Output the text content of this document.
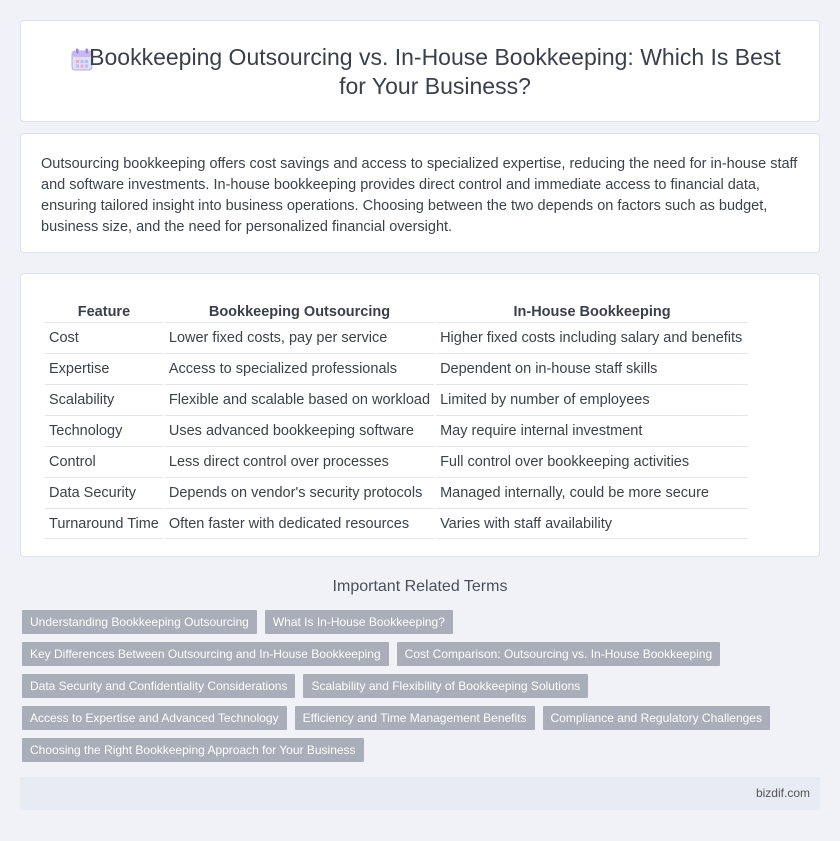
Bookkeeping Outsourcing vs. In-House Bookkeeping: Which Is Best for Your Business?

Outsourcing bookkeeping offers cost savings and access to specialized expertise, reducing the need for in-house staff and software investments. In-house bookkeeping provides direct control and immediate access to financial data, ensuring tailored insight into business operations. Choosing between the two depends on factors such as budget, business size, and the need for personalized financial oversight.

Feature	Bookkeeping Outsourcing	In-House Bookkeeping
Cost	Lower fixed costs, pay per service	Higher fixed costs including salary and benefits
Expertise	Access to specialized professionals	Dependent on in-house staff skills
Scalability	Flexible and scalable based on workload	Limited by number of employees
Technology	Uses advanced bookkeeping software	May require internal investment
Control	Less direct control over processes	Full control over bookkeeping activities
Data Security	Depends on vendor's security protocols	Managed internally, could be more secure
Turnaround Time	Often faster with dedicated resources	Varies with staff availability
Important Related Terms
Understanding Bookkeeping Outsourcing	What Is In-House Bookkeeping?
Key Differences Between Outsourcing and In-House Bookkeeping	Cost Comparison: Outsourcing vs. In-House Bookkeeping
Data Security and Confidentiality Considerations	Scalability and Flexibility of Bookkeeping Solutions
Access to Expertise and Advanced Technology	Efficiency and Time Management Benefits	Compliance and Regulatory Challenges
Choosing the Right Bookkeeping Approach for Your Business
bizdif.com
